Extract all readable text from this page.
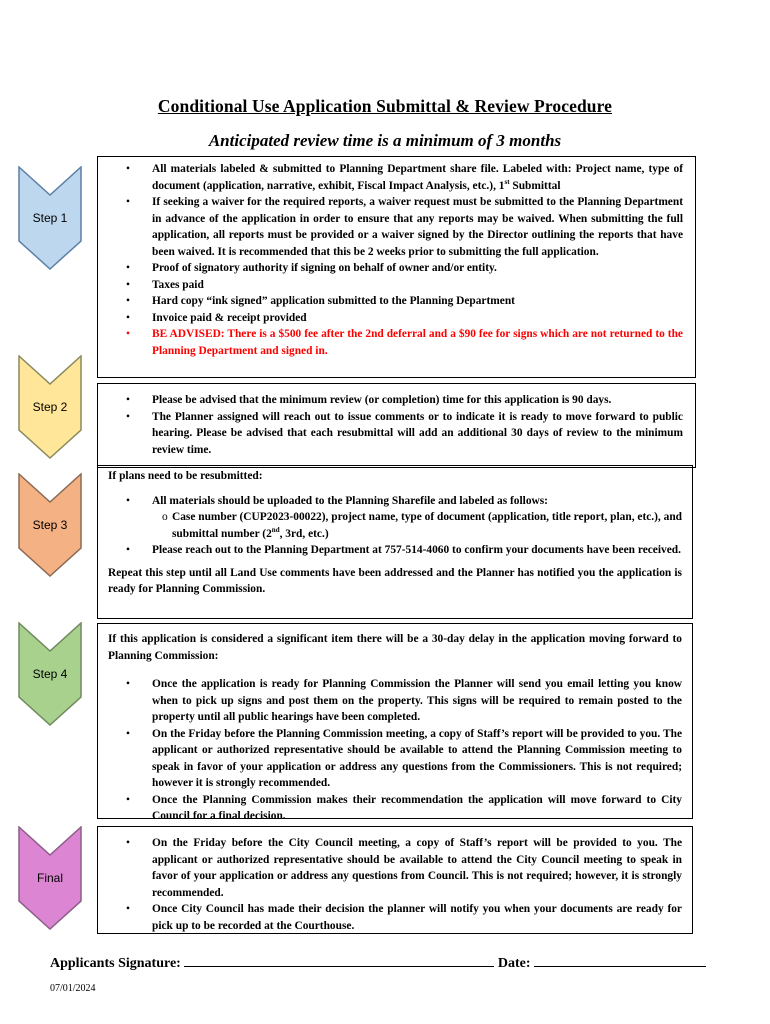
Conditional Use Application Submittal & Review Procedure
Anticipated review time is a minimum of 3 months
Step 1
Step 2
Step 3
Step 4
Final
• All materials labeled & submitted to Planning Department share file. Labeled with: Project name, type of document (application, narrative, exhibit, Fiscal Impact Analysis, etc.), 1st Submittal
• If seeking a waiver for the required reports, a waiver request must be submitted to the Planning Department in advance of the application in order to ensure that any reports may be waived. When submitting the full application, all reports must be provided or a waiver signed by the Director outlining the reports that have been waived. It is recommended that this be 2 weeks prior to submitting the full application.
• Proof of signatory authority if signing on behalf of owner and/or entity.
• Taxes paid
• Hard copy “ink signed” application submitted to the Planning Department
• Invoice paid & receipt provided
• BE ADVISED: There is a $500 fee after the 2nd deferral and a $90 fee for signs which are not returned to the Planning Department and signed in.
• Please be advised that the minimum review (or completion) time for this application is 90 days.
• The Planner assigned will reach out to issue comments or to indicate it is ready to move forward to public hearing. Please be advised that each resubmittal will add an additional 30 days of review to the minimum review time.

If plans need to be resubmitted:

• All materials should be uploaded to the Planning Sharefile and labeled as follows:
o Case number (CUP2023-00022), project name, type of document (application, title report, plan, etc.), and submittal number (2nd, 3rd, etc.)
• Please reach out to the Planning Department at 757-514-4060 to confirm your documents have been received.

Repeat this step until all Land Use comments have been addressed and the Planner has notified you the application is ready for Planning Commission.

If this application is considered a significant item there will be a 30-day delay in the application moving forward to Planning Commission:

• Once the application is ready for Planning Commission the Planner will send you email letting you know when to pick up signs and post them on the property. This signs will be required to remain posted to the property until all public hearings have been completed.
• On the Friday before the Planning Commission meeting, a copy of Staff’s report will be provided to you. The applicant or authorized representative should be available to attend the Planning Commission meeting to speak in favor of your application or address any questions from the Commissioners. This is not required; however it is strongly recommended.
• Once the Planning Commission makes their recommendation the application will move forward to City Council for a final decision.
• On the Friday before the City Council meeting, a copy of Staff’s report will be provided to you. The applicant or authorized representative should be available to attend the City Council meeting to speak in favor of your application or address any questions from Council. This is not required; however, it is strongly recommended.
• Once City Council has made their decision the planner will notify you when your documents are ready for pick up to be recorded at the Courthouse.
Applicants Signature:	Date:
07/01/2024
